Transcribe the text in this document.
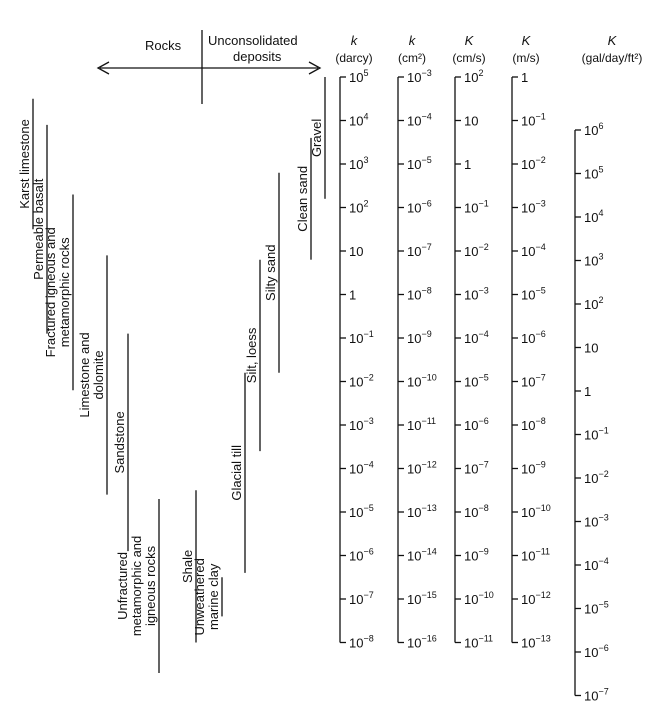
Rocks Unconsolidated
deposits
k
(darcy)
$10^5$
$10^4$
$10^3$
$10^2$
10
1
$10^{-1}$
$10^{-2}$
$10^{-3}$
$10^{-4}$
$10^{-5}$
$10^{-6}$
$10^{-7}$
$10^{-8}$
k
(cm²)
$10^{-3}$
$10^{-4}$
$10^{-5}$
$10^{-6}$
$10^{-7}$
$10^{-8}$
$10^{-9}$
$10^{-10}$
$10^{-11}$
$10^{-12}$
$10^{-13}$
$10^{-14}$
$10^{-15}$
$10^{-16}$
K
(cm/s)
$10^2$
10
1
$10^{-1}$
$10^{-2}$
$10^{-3}$
$10^{-4}$
$10^{-5}$
$10^{-6}$
$10^{-7}$
$10^{-8}$
$10^{-9}$
$10^{-10}$
$10^{-11}$
K
(m/s)
1
$10^{-1}$
$10^{-2}$
$10^{-3}$
$10^{-4}$
$10^{-5}$
$10^{-6}$
$10^{-7}$
$10^{-8}$
$10^{-9}$
$10^{-10}$
$10^{-11}$
$10^{-12}$
$10^{-13}$
K
(gal/day/ft²)
$10^6$
$10^5$
$10^4$
$10^3$
$10^2$
10
1
$10^{-1}$
$10^{-2}$
$10^{-3}$
$10^{-4}$
$10^{-5}$
$10^{-6}$
$10^{-7}$
Karst limestone
Permeable basalt
Fractured igneous and metamorphic rocks
Limestone and dolomite
Sandstone
Unfractured metamorphic and igneous rocks Shale
Unweathered marine clay
Glacial till
Silt, loess
Silty sand
Clean sand
Gravel
